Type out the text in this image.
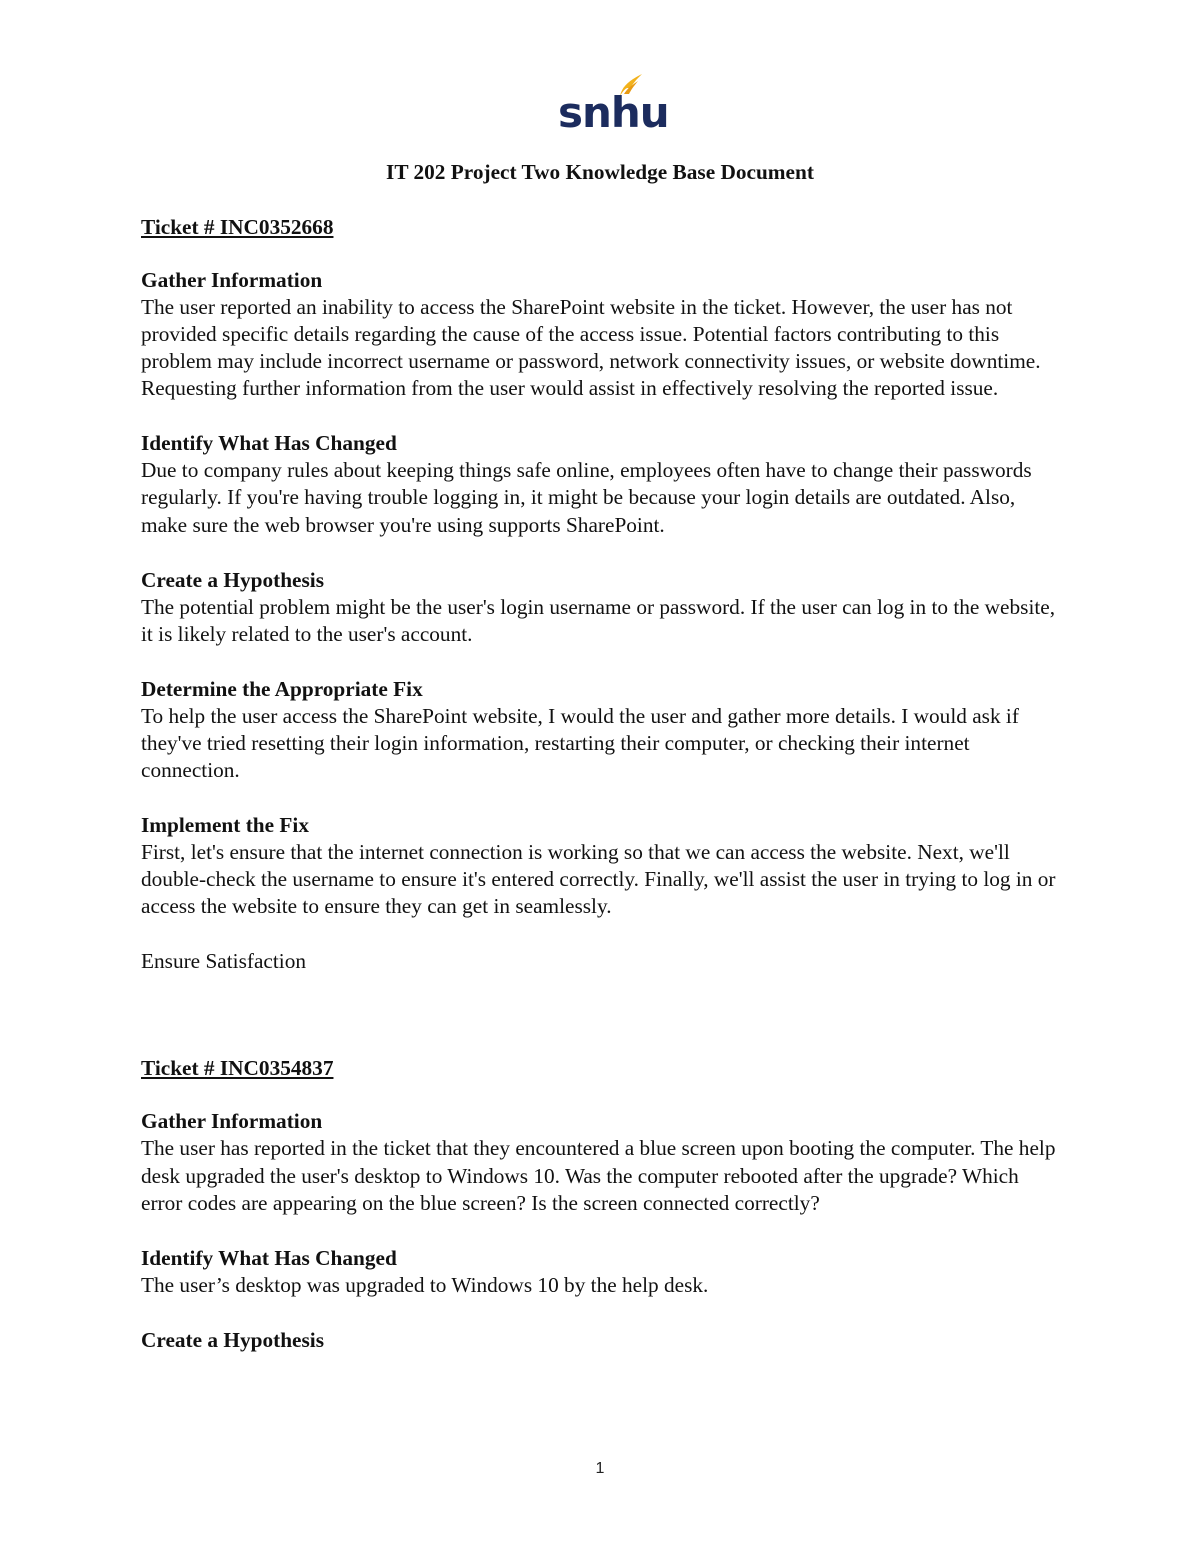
snhu
IT 202 Project Two Knowledge Base Document
Ticket # INC0352668
Gather Information

The user reported an inability to access the SharePoint website in the ticket. However, the user has not provided specific details regarding the cause of the access issue. Potential factors contributing to this problem may include incorrect username or password, network connectivity issues, or website downtime. Requesting further information from the user would assist in effectively resolving the reported issue.

Identify What Has Changed

Due to company rules about keeping things safe online, employees often have to change their passwords regularly. If you're having trouble logging in, it might be because your login details are outdated. Also, make sure the web browser you're using supports SharePoint.

Create a Hypothesis

The potential problem might be the user's login username or password. If the user can log in to the website, it is likely related to the user's account.

Determine the Appropriate Fix

To help the user access the SharePoint website, I would the user and gather more details. I would ask if they've tried resetting their login information, restarting their computer, or checking their internet connection.

Implement the Fix

First, let's ensure that the internet connection is working so that we can access the website. Next, we'll double-check the username to ensure it's entered correctly. Finally, we'll assist the user in trying to log in or access the website to ensure they can get in seamlessly.

Ensure Satisfaction

Ticket # INC0354837
Gather Information

The user has reported in the ticket that they encountered a blue screen upon booting the computer. The help desk upgraded the user's desktop to Windows 10. Was the computer rebooted after the upgrade? Which error codes are appearing on the blue screen? Is the screen connected correctly?

Identify What Has Changed

The user’s desktop was upgraded to Windows 10 by the help desk.

Create a Hypothesis
1
